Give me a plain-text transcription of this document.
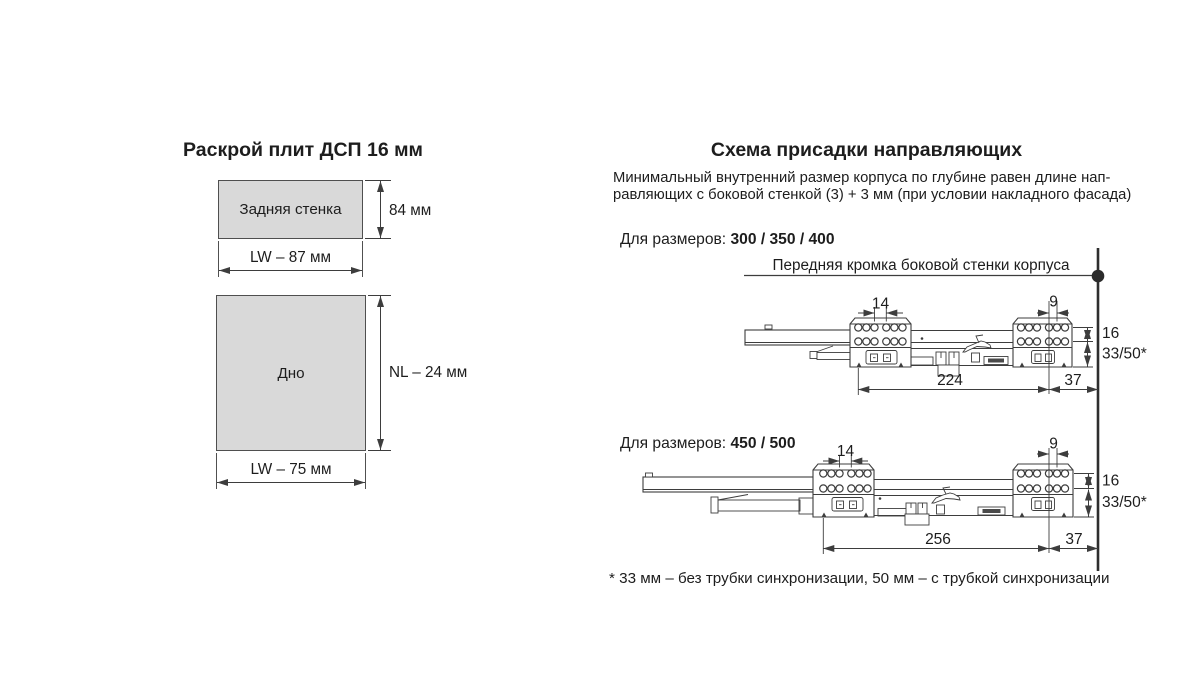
14	9
16
33/50*
224	37
14	9
16
33/50*
256	37
Раскрой плит ДСП 16 мм
Задняя стенка	84 мм
LW – 87 мм
Дно	NL – 24 мм
LW – 75 мм
Схема присадки направляющих
Минимальный внутренний размер корпуса по глубине равен длине нап-
равляющих с боковой стенкой (3) + 3 мм (при условии накладного фасада)
Для размеров: 300 / 350 / 400
Передняя кромка боковой стенки корпуса
Для размеров: 450 / 500
* 33 мм – без трубки синхронизации, 50 мм – с трубкой синхронизации
